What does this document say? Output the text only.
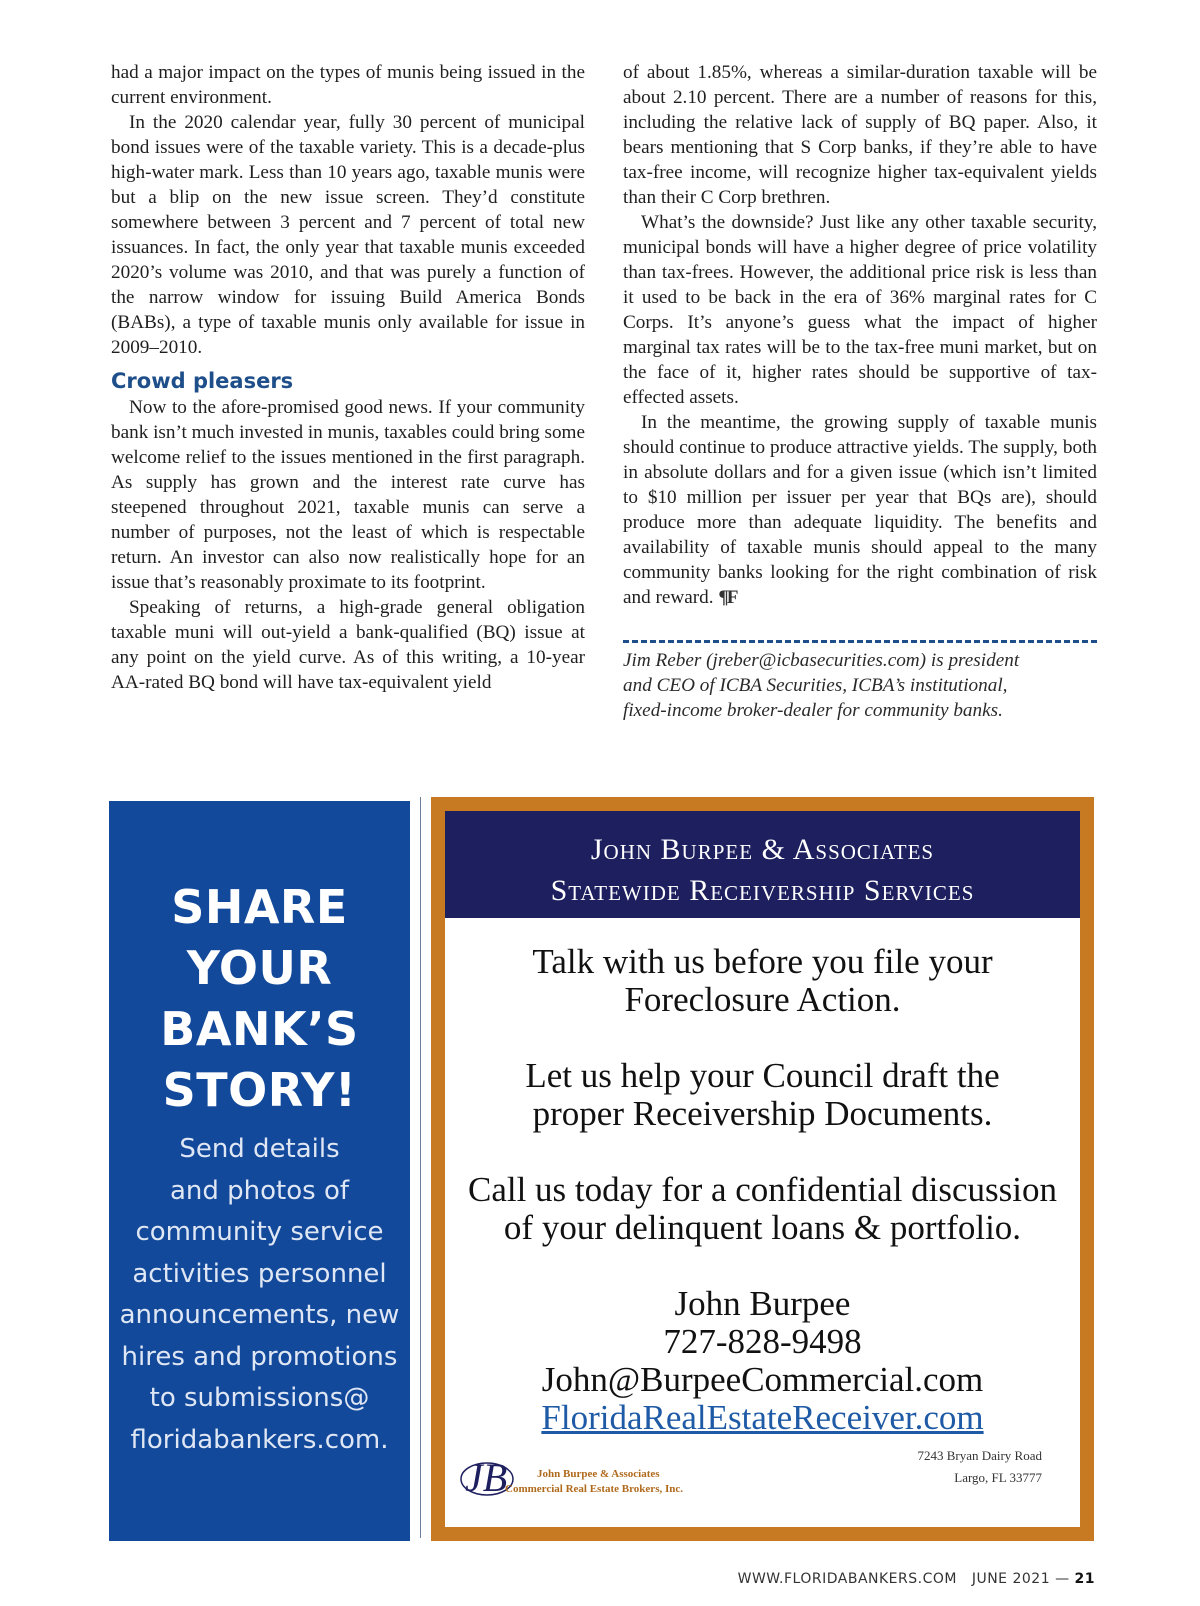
had a major impact on the types of munis being issued in the current environment.

In the 2020 calendar year, fully 30 percent of municipal bond issues were of the taxable variety. This is a decade-plus high-water mark. Less than 10 years ago, taxable munis were but a blip on the new issue screen. They’d constitute somewhere between 3 percent and 7 percent of total new issuances. In fact, the only year that taxable munis exceeded 2020’s volume was 2010, and that was purely a function of the narrow window for issuing Build America Bonds (BABs), a type of taxable munis only available for issue in 2009–2010.

Crowd pleasers

Now to the afore-promised good news. If your community bank isn’t much invested in munis, taxables could bring some welcome relief to the issues mentioned in the first paragraph. As supply has grown and the interest rate curve has steepened throughout 2021, taxable munis can serve a number of purposes, not the least of which is respectable return. An investor can also now realistically hope for an issue that’s reasonably proximate to its footprint.

Speaking of returns, a high-grade general obligation taxable muni will out-yield a bank-qualified (BQ) issue at any point on the yield curve. As of this writing, a 10-year AA-rated BQ bond will have tax-equivalent yield

of about 1.85%, whereas a similar-duration taxable will be about 2.10 percent. There are a number of reasons for this, including the relative lack of supply of BQ paper. Also, it bears mentioning that S Corp banks, if they’re able to have tax-free income, will recognize higher tax-equivalent yields than their C Corp brethren.

What’s the downside? Just like any other taxable security, municipal bonds will have a higher degree of price volatility than tax-frees. However, the additional price risk is less than it used to be back in the era of 36% marginal rates for C Corps. It’s anyone’s guess what the impact of higher marginal tax rates will be to the tax-free muni market, but on the face of it, higher rates should be supportive of tax-effected assets.

In the meantime, the growing supply of taxable munis should continue to produce attractive yields. The supply, both in absolute dollars and for a given issue (which isn’t limited to $10 million per issuer per year that BQs are), should produce more than adequate liquidity. The benefits and availability of taxable munis should appeal to the many community banks looking for the right combination of risk and reward. ¶F

Jim Reber (jreber@icbasecurities.com) is president
and CEO of ICBA Securities, ICBA’s institutional,
fixed-income broker-dealer for community banks.
SHARE
YOUR
BANK’S
STORY!
Send details
and photos of
community service
activities personnel
announcements, new
hires and promotions
to submissions@
floridabankers.com.
John Burpee & Associates
Statewide Receivership Services
Talk with us before you file your
Foreclosure Action.
Let us help your Council draft the
proper Receivership Documents.
Call us today for a confidential discussion
of your delinquent loans & portfolio.
John Burpee
727-828-9498
John@BurpeeCommercial.com
FloridaRealEstateReceiver.com
JB	John Burpee & Associates
Commercial Real Estate Brokers, Inc.
7243 Bryan Dairy Road
Largo, FL 33777
WWW.FLORIDABANKERS.COM JUNE 2021 — 21
